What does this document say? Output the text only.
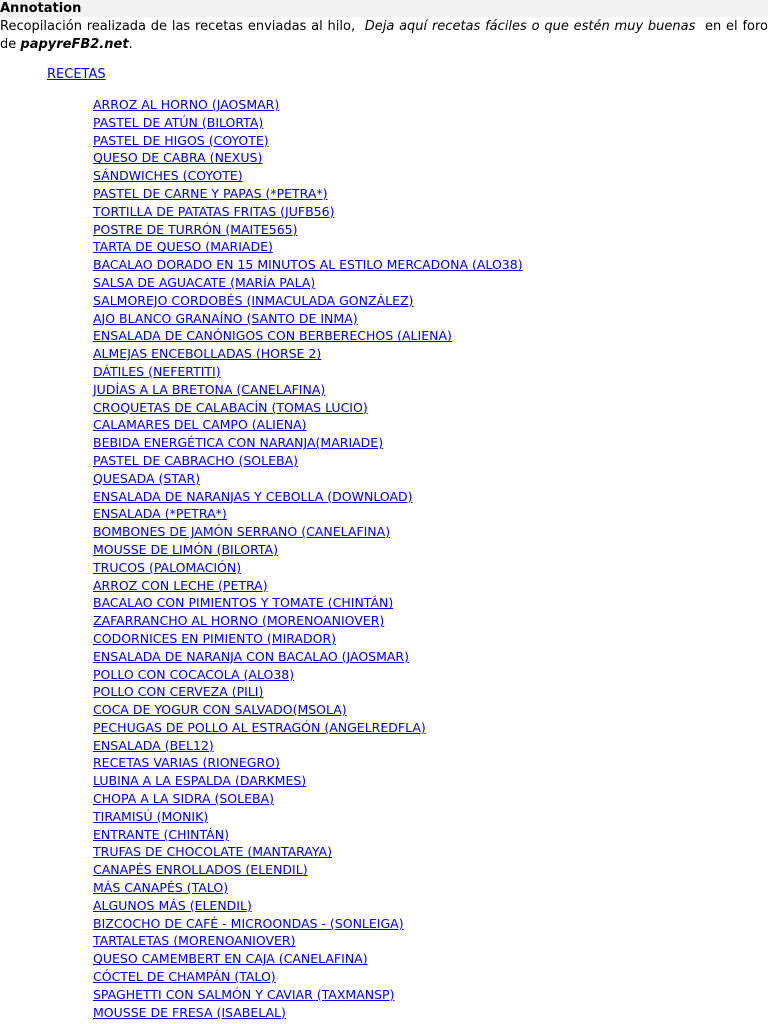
Annotation

Recopilación realizada de las recetas enviadas al hilo, Deja aquí recetas fáciles o que estén muy buenas en el foro de papyreFB2.net.

RECETAS
ARROZ AL HORNO (JAOSMAR)
PASTEL DE ATÚN (BILORTA)
PASTEL DE HIGOS (COYOTE)
QUESO DE CABRA (NEXUS)
SÁNDWICHES (COYOTE)
PASTEL DE CARNE Y PAPAS (*PETRA*)
TORTILLA DE PATATAS FRITAS (JUFB56)
POSTRE DE TURRÓN (MAITE565)
TARTA DE QUESO (MARIADE)
BACALAO DORADO EN 15 MINUTOS AL ESTILO MERCADONA (ALO38)
SALSA DE AGUACATE (MARÍA PALA)
SALMOREJO CORDOBÉS (INMACULADA GONZÁLEZ)
AJO BLANCO GRANAÍNO (SANTO DE INMA)
ENSALADA DE CANÓNIGOS CON BERBERECHOS (ALIENA)
ALMEJAS ENCEBOLLADAS (HORSE 2)
DÁTILES (NEFERTITI)
JUDÍAS A LA BRETONA (CANELAFINA)
CROQUETAS DE CALABACÍN (TOMAS LUCIO)
CALAMARES DEL CAMPO (ALIENA)
BEBIDA ENERGÉTICA CON NARANJA(MARIADE)
PASTEL DE CABRACHO (SOLEBA)
QUESADA (STAR)
ENSALADA DE NARANJAS Y CEBOLLA (DOWNLOAD)
ENSALADA (*PETRA*)
BOMBONES DE JAMÓN SERRANO (CANELAFINA)
MOUSSE DE LIMÓN (BILORTA)
TRUCOS (PALOMACIÓN)
ARROZ CON LECHE (PETRA)
BACALAO CON PIMIENTOS Y TOMATE (CHINTÁN)
ZAFARRANCHO AL HORNO (MORENOANIOVER)
CODORNICES EN PIMIENTO (MIRADOR)
ENSALADA DE NARANJA CON BACALAO (JAOSMAR)
POLLO CON COCACOLA (ALO38)
POLLO CON CERVEZA (PILI)
COCA DE YOGUR CON SALVADO(MSOLA)
PECHUGAS DE POLLO AL ESTRAGÓN (ANGELREDFLA)
ENSALADA (BEL12)
RECETAS VARIAS (RIONEGRO)
LUBINA A LA ESPALDA (DARKMES)
CHOPA A LA SIDRA (SOLEBA)
TIRAMISÚ (MONIK)
ENTRANTE (CHINTÁN)
TRUFAS DE CHOCOLATE (MANTARAYA)
CANAPÉS ENROLLADOS (ELENDIL)
MÁS CANAPÉS (TALO)
ALGUNOS MÁS (ELENDIL)
BIZCOCHO DE CAFÉ - MICROONDAS - (SONLEIGA)
TARTALETAS (MORENOANIOVER)
QUESO CAMEMBERT EN CAJA (CANELAFINA)
CÓCTEL DE CHAMPÁN (TALO)
SPAGHETTI CON SALMÓN Y CAVIAR (TAXMANSP)
MOUSSE DE FRESA (ISABELAL)
